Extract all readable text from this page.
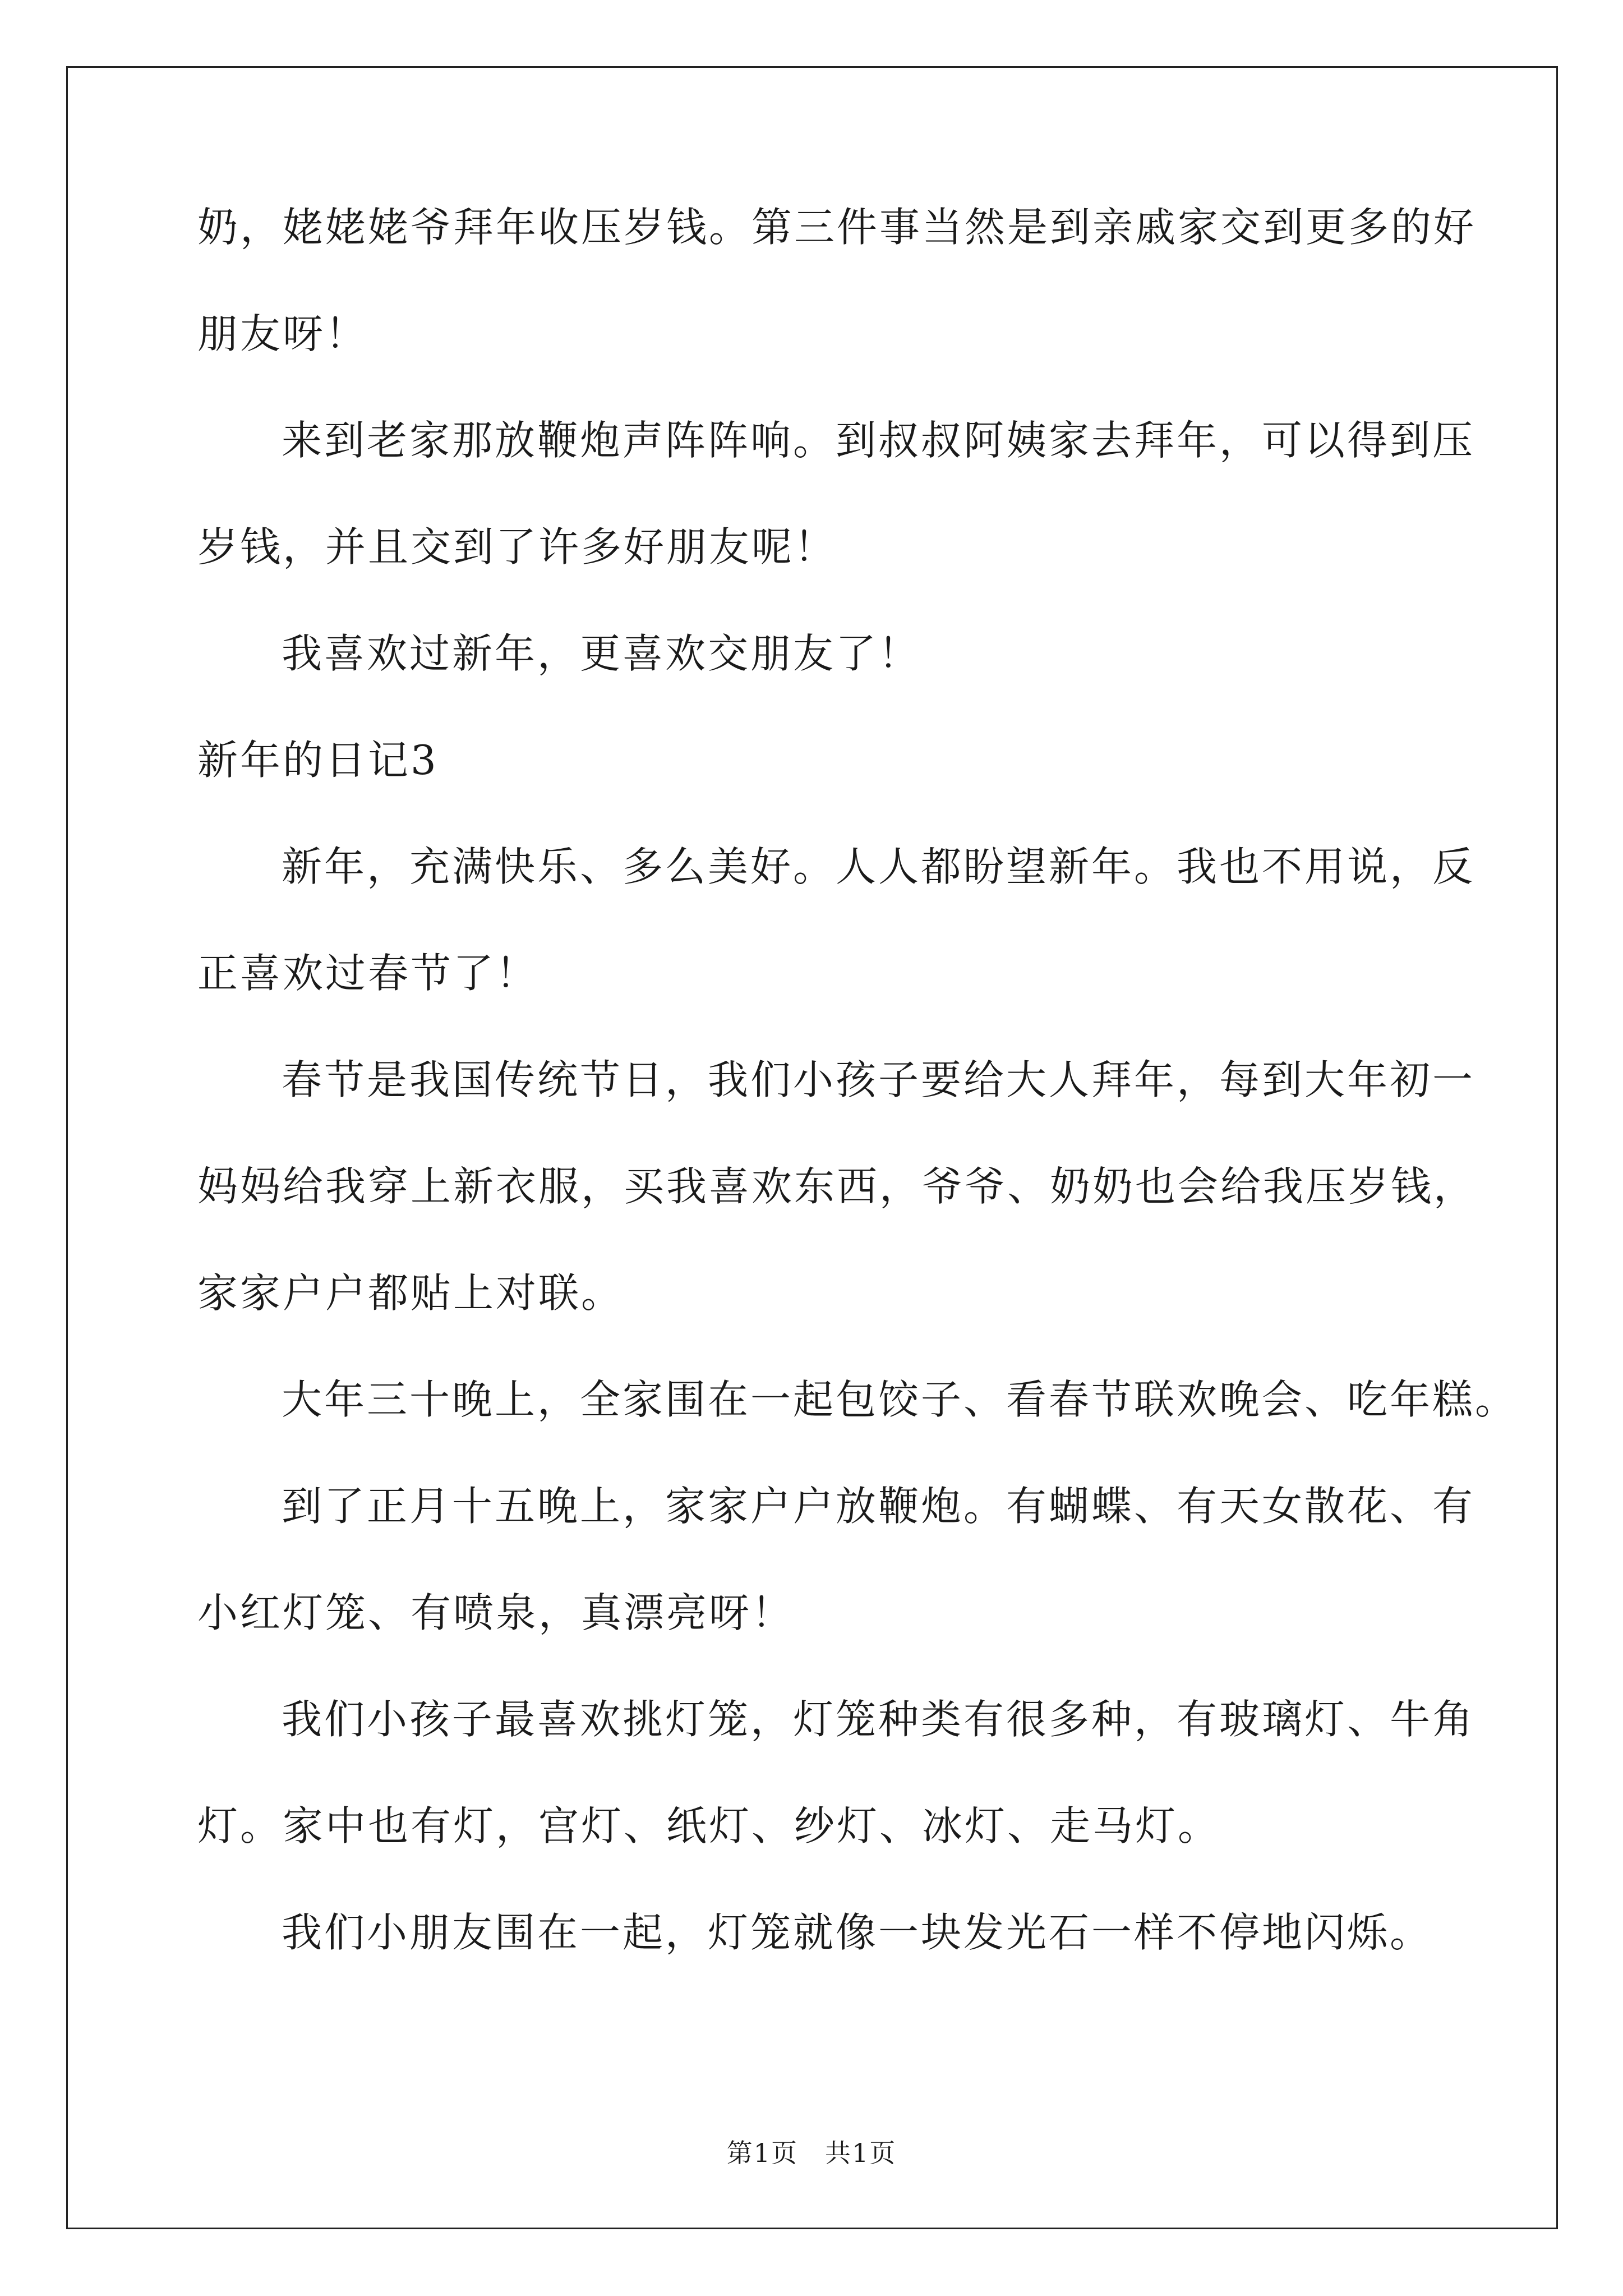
奶，姥姥姥爷拜年收压岁钱。第三件事当然是到亲戚家交到更多的好
朋友呀！
来到老家那放鞭炮声阵阵响。到叔叔阿姨家去拜年，可以得到压
岁钱，并且交到了许多好朋友呢！
我喜欢过新年，更喜欢交朋友了！
新年的日记3
新年，充满快乐、多么美好。人人都盼望新年。我也不用说，反
正喜欢过春节了！
春节是我国传统节日，我们小孩子要给大人拜年，每到大年初一
妈妈给我穿上新衣服，买我喜欢东西，爷爷、奶奶也会给我压岁钱，
家家户户都贴上对联。
大年三十晚上，全家围在一起包饺子、看春节联欢晚会、吃年糕。
到了正月十五晚上，家家户户放鞭炮。有蝴蝶、有天女散花、有
小红灯笼、有喷泉，真漂亮呀！
我们小孩子最喜欢挑灯笼，灯笼种类有很多种，有玻璃灯、牛角
灯。家中也有灯，宫灯、纸灯、纱灯、冰灯、走马灯。
我们小朋友围在一起，灯笼就像一块发光石一样不停地闪烁。
第1页　共1页
